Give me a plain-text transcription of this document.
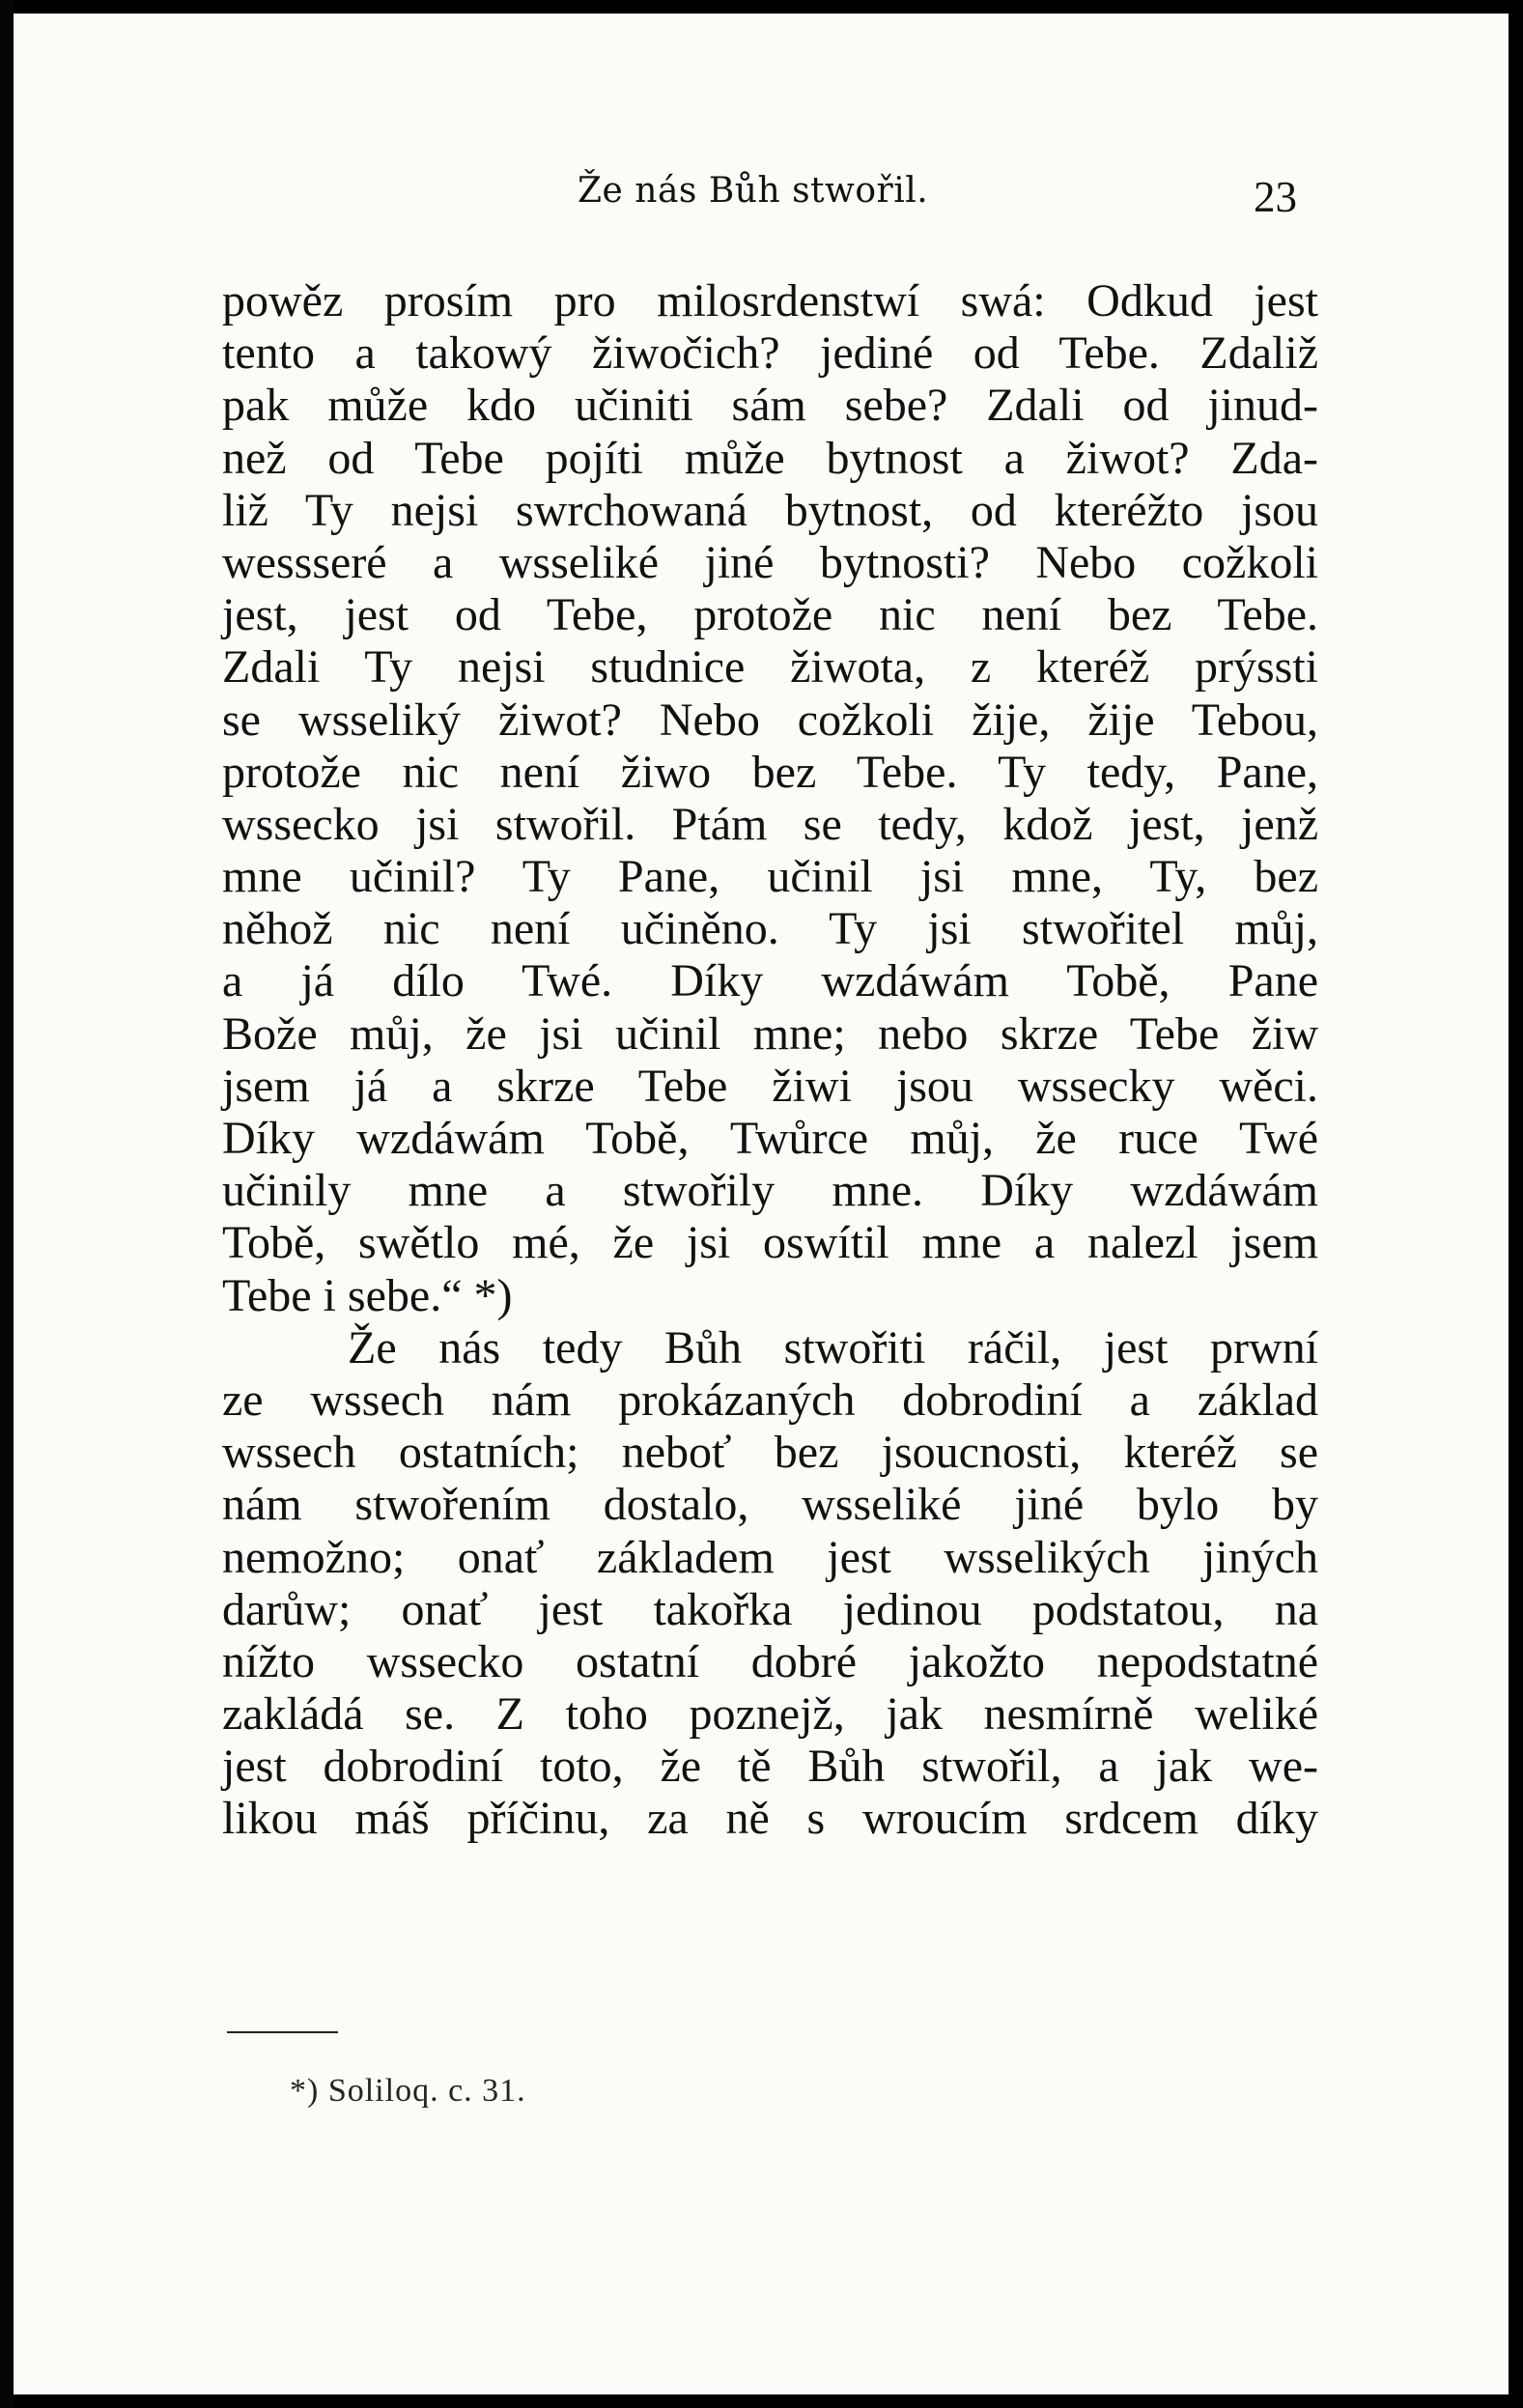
Že nás Bůh stwořil.	23
powěz prosím pro milosrdenstwí swá: Odkud jest
tento a takowý žiwočich? jediné od Tebe. Zdaliž
pak může kdo učiniti sám sebe? Zdali od jinud-
než od Tebe pojíti může bytnost a žiwot? Zda-
liž Ty nejsi swrchowaná bytnost, od kteréžto jsou
wessseré a wsseliké jiné bytnosti? Nebo cožkoli
jest, jest od Tebe, protože nic není bez Tebe.
Zdali Ty nejsi studnice žiwota, z kteréž prýssti
se wsseliký žiwot? Nebo cožkoli žije, žije Tebou,
protože nic není žiwo bez Tebe. Ty tedy, Pane,
wsseckо jsi stwořil. Ptám se tedy, kdož jest, jenž
mne učinil? Ty Pane, učinil jsi mne, Ty, bez
něhož nic není učiněno. Ty jsi stwořitel můj,
a já dílo Twé. Díky wzdáwám Tobě, Pane
Bože můj, že jsi učinil mne; nebo skrze Tebe žiw
jsem já a skrze Tebe žiwi jsou wssecky wěci.
Díky wzdáwám Tobě, Twůrce můj, že ruce Twé
učinily mne a stwořily mne. Díky wzdáwám
Tobě, swětlo mé, že jsi oswítil mne a nalezl jsem
Tebe i sebe.“ *)
Že nás tedy Bůh stwořiti ráčil, jest prwní
ze wssech nám prokázaných dobrodiní a základ
wssech ostatních; neboť bez jsoucnosti, kteréž se
nám stwořením dostalo, wsseliké jiné bylo by
nemožno; onať základem jest wsselikých jiných
darůw; onať jest takořka jedinou podstatou, na
nížto wssecko ostatní dobré jakožto nepodstatné
zakládá se. Z toho poznejž, jak nesmírně weliké
jest dobrodiní toto, že tě Bůh stwořil, a jak we-
likou máš příčinu, za ně s wroucím srdcem díky
*) Soliloq. c. 31.
